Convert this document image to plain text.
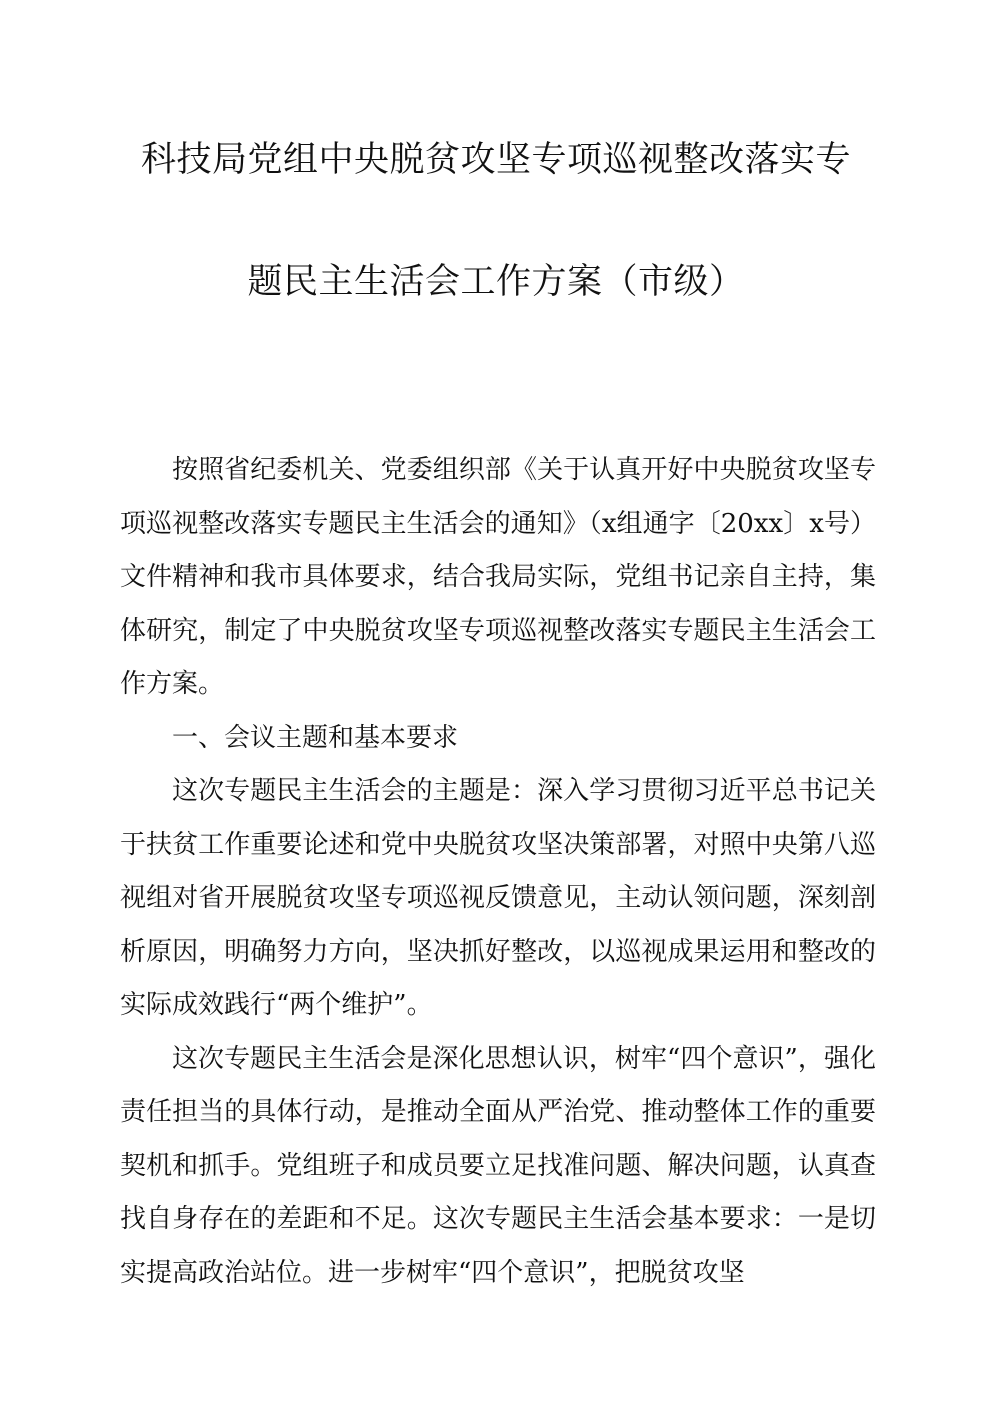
科技局党组中央脱贫攻坚专项巡视整改落实专
题民主生活会工作方案（市级）

按照省纪委机关、党委组织部《关于认真开好中央脱贫攻坚专项巡视整改落实专题民主生活会的通知》（x组通字〔20xx〕x号）文件精神和我市具体要求，结合我局实际，党组书记亲自主持，集体研究，制定了中央脱贫攻坚专项巡视整改落实专题民主生活会工作方案。

一、会议主题和基本要求

这次专题民主生活会的主题是：深入学习贯彻习近平总书记关于扶贫工作重要论述和党中央脱贫攻坚决策部署，对照中央第八巡视组对省开展脱贫攻坚专项巡视反馈意见，主动认领问题，深刻剖析原因，明确努力方向，坚决抓好整改，以巡视成果运用和整改的实际成效践行“两个维护”。

这次专题民主生活会是深化思想认识，树牢“四个意识”，强化责任担当的具体行动，是推动全面从严治党、推动整体工作的重要契机和抓手。党组班子和成员要立足找准问题、解决问题，认真查找自身存在的差距和不足。这次专题民主生活会基本要求：一是切实提高政治站位。进一步树牢“四个意识”，把脱贫攻坚
